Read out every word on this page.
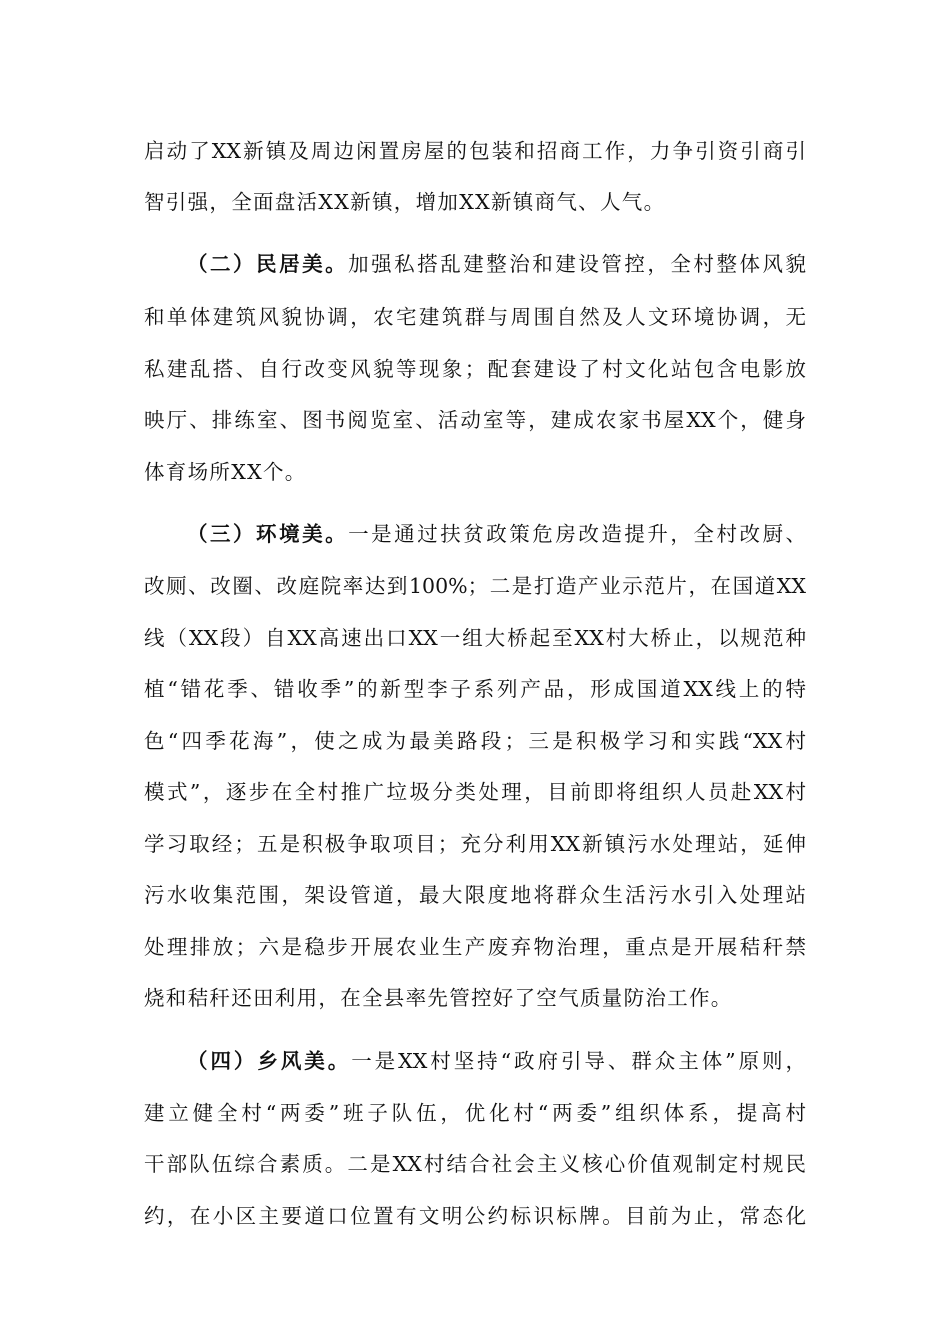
启动了XX新镇及周边闲置房屋的包装和招商工作，力争引资引商引
智引强，全面盘活XX新镇，增加XX新镇商气、人气。
（二）民居美。加强私搭乱建整治和建设管控，全村整体风貌
和单体建筑风貌协调，农宅建筑群与周围自然及人文环境协调，无
私建乱搭、自行改变风貌等现象；配套建设了村文化站包含电影放
映厅、排练室、图书阅览室、活动室等，建成农家书屋XX个，健身
体育场所XX个。
（三）环境美。一是通过扶贫政策危房改造提升，全村改厨、
改厕、改圈、改庭院率达到100%；二是打造产业示范片，在国道XX
线（XX段）自XX高速出口XX一组大桥起至XX村大桥止，以规范种
植“错花季、错收季”的新型李子系列产品，形成国道XX线上的特
色“四季花海”，使之成为最美路段；三是积极学习和实践“XX村
模式”，逐步在全村推广垃圾分类处理，目前即将组织人员赴XX村
学习取经；五是积极争取项目；充分利用XX新镇污水处理站，延伸
污水收集范围，架设管道，最大限度地将群众生活污水引入处理站
处理排放；六是稳步开展农业生产废弃物治理，重点是开展秸秆禁
烧和秸秆还田利用，在全县率先管控好了空气质量防治工作。
（四）乡风美。一是XX村坚持“政府引导、群众主体”原则，
建立健全村“两委”班子队伍，优化村“两委”组织体系，提高村
干部队伍综合素质。二是XX村结合社会主义核心价值观制定村规民
约，在小区主要道口位置有文明公约标识标牌。目前为止，常态化
